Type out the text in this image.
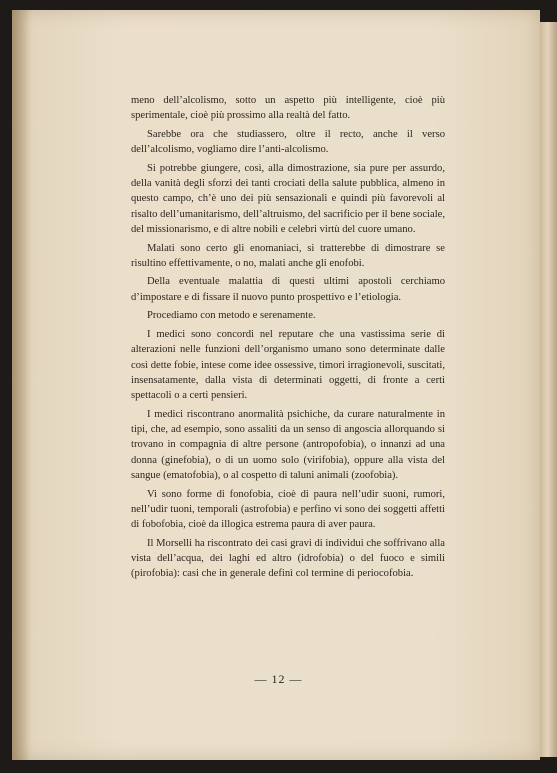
meno dell’alcolismo, sotto un aspetto più intelligente, cioè più sperimentale, cioè più prossimo alla realtà del fatto.

Sarebbe ora che studiassero, oltre il recto, anche il verso dell’alcolismo, vogliamo dire l’anti-alcolismo.

Si potrebbe giungere, così, alla dimostrazione, sia pure per assurdo, della vanità degli sforzi dei tanti crociati della salute pubblica, almeno in questo campo, ch’è uno dei più sensazionali e quindi più favorevoli al risalto dell’umanitarismo, dell’altruismo, del sacrificio per il bene sociale, del missionarismo, e di altre nobili e celebri virtù del cuore umano.

Malati sono certo gli enomaniaci, si tratterebbe di dimostrare se risultino effettivamente, o no, malati anche gli enofobi.

Della eventuale malattia di questi ultimi apostoli cerchiamo d’impostare e di fissare il nuovo punto prospettivo e l’etiologia.

Procediamo con metodo e serenamente.

I medici sono concordi nel reputare che una vastissima serie di alterazioni nelle funzioni dell’organismo umano sono determinate dalle così dette fobie, intese come idee ossessive, timori irragionevoli, suscitati, insensatamente, dalla vista di determinati oggetti, di fronte a certi spettacoli o a certi pensieri.

I medici riscontrano anormalità psichiche, da curare naturalmente in tipi, che, ad esempio, sono assaliti da un senso di angoscia allorquando si trovano in compagnia di altre persone (antropofobia), o innanzi ad una donna (ginefobia), o di un uomo solo (virifobia), oppure alla vista del sangue (ematofobia), o al cospetto di taluni animali (zoofobia).

Vi sono forme di fonofobia, cioè di paura nell’udir suoni, rumori, nell’udir tuoni, temporali (astrofobia) e perfino vi sono dei soggetti affetti di fobofobia, cioè da illogica estrema paura di aver paura.

Il Morselli ha riscontrato dei casi gravi di individui che soffrivano alla vista dell’acqua, dei laghi ed altro (idrofobia) o del fuoco e simili (pirofobia): casi che in generale definì col termine di periocofobia.

— 12 —
